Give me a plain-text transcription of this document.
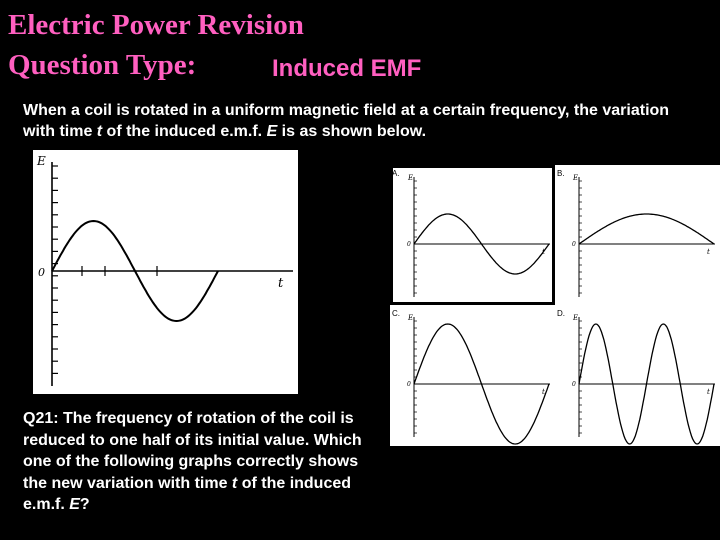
Electric Power Revision
Question Type:	Induced EMF
When a coil is rotated in a uniform magnetic field at a certain frequency, the variation with time t of the induced e.m.f. E is as shown below.
E
t
0
A. E
t
0
B. E
t
0
C. E
t
0
D. E
t
0
Q21: The frequency of rotation of the coil is reduced to one half of its initial value. Which one of the following graphs correctly shows the new variation with time t of the induced e.m.f. E?
